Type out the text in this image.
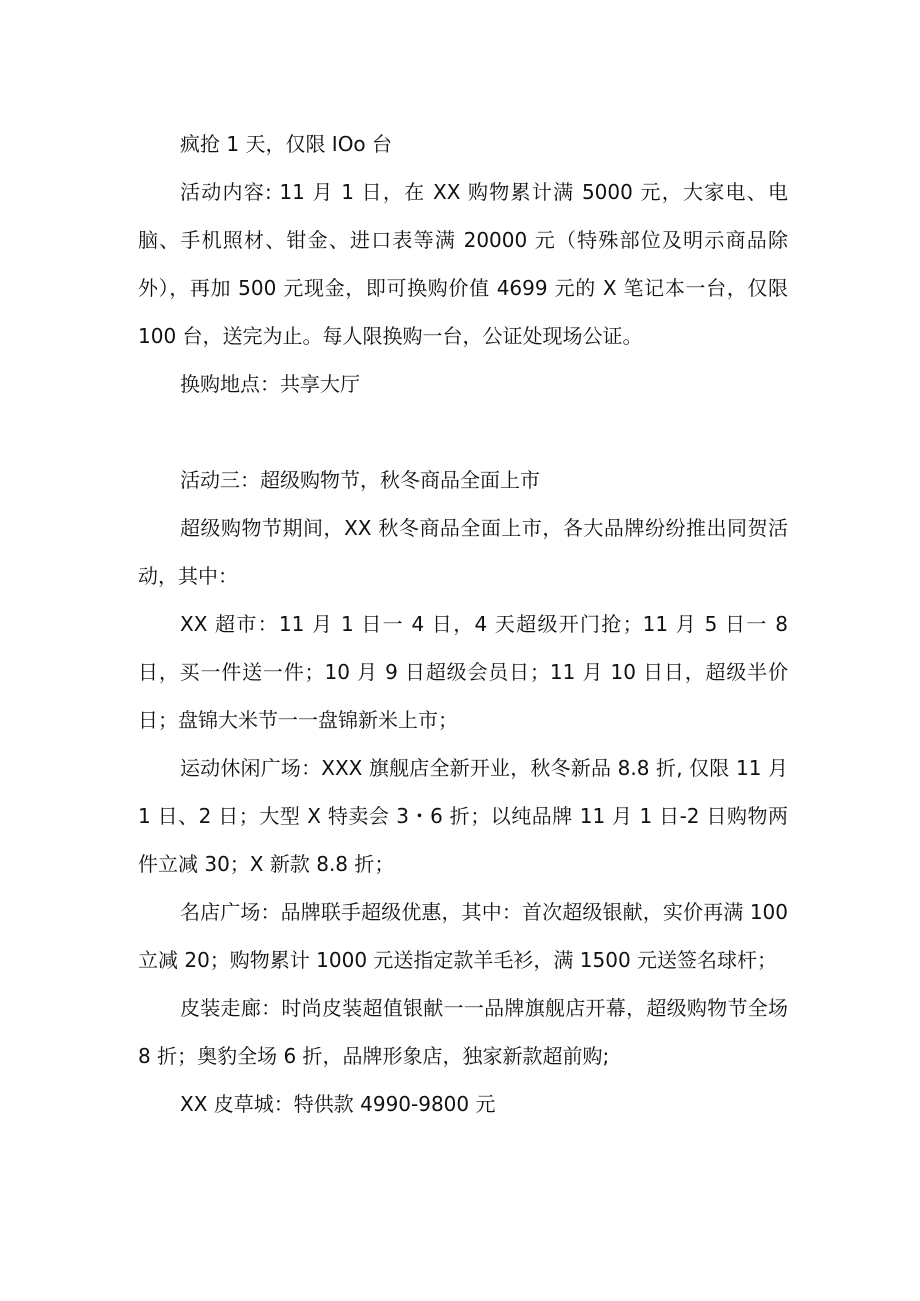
疯抢 1 天，仅限 IOo 台

活动内容: 11 月 1 日，在 XX 购物累计满 5000 元，大家电、电脑、手机照材、钳金、进口表等满 20000 元（特殊部位及明示商品除外），再加 500 元现金，即可换购价值 4699 元的 X 笔记本一台，仅限 100 台，送完为止。每人限换购一台，公证处现场公证。

换购地点：共享大厅

活动三：超级购物节，秋冬商品全面上市

超级购物节期间，XX 秋冬商品全面上市，各大品牌纷纷推出同贺活动，其中：

XX 超市：11 月 1 日一 4 日，4 天超级开门抢；11 月 5 日一 8 日，买一件送一件；10 月 9 日超级会员日；11 月 10 日日，超级半价日；盘锦大米节一一盘锦新米上市；

运动休闲广场：XXX 旗舰店全新开业，秋冬新品 8.8 折, 仅限 11 月 1 日、2 日；大型 X 特卖会 3・6 折；以纯品牌 11 月 1 日-2 日购物两件立减 30；X 新款 8.8 折；

名店广场：品牌联手超级优惠，其中：首次超级银献，实价再满 100 立减 20；购物累计 1000 元送指定款羊毛衫，满 1500 元送签名球杆；

皮装走廊：时尚皮装超值银献一一品牌旗舰店开幕，超级购物节全场 8 折；奥豹全场 6 折，品牌形象店，独家新款超前购;

XX 皮草城：特供款 4990-9800 元
